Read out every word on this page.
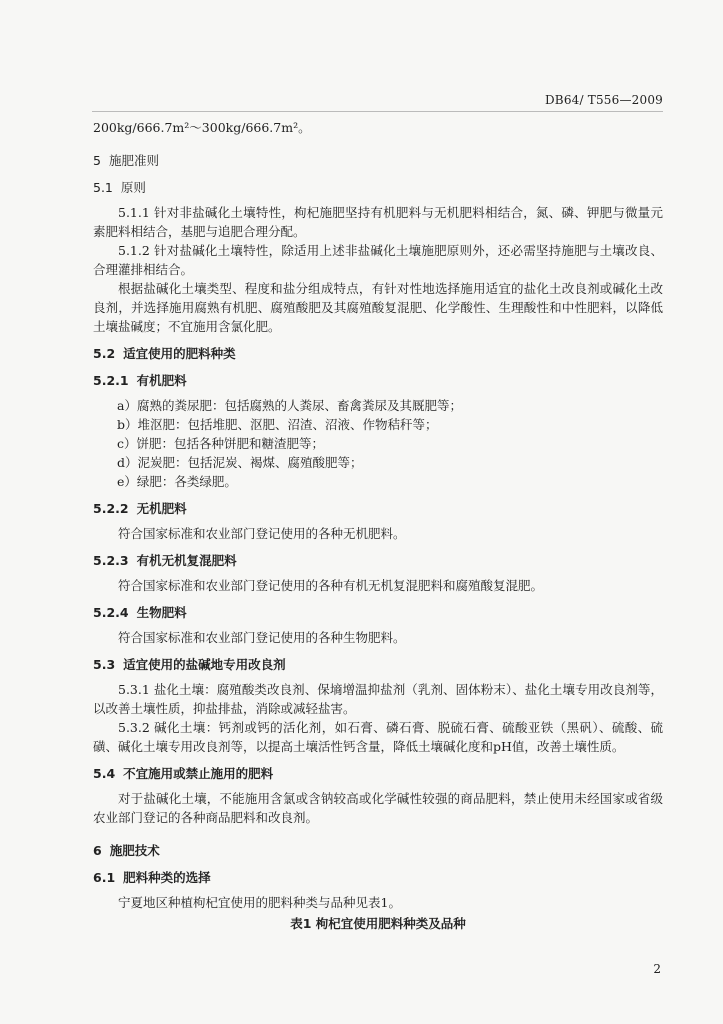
DB64/ T556—2009

200kg/666.7m²～300kg/666.7m²。

5 施肥准则
5.1 原则

5.1.1 针对非盐碱化土壤特性，枸杞施肥坚持有机肥料与无机肥料相结合，氮、磷、钾肥与微量元素肥料相结合，基肥与追肥合理分配。

5.1.2 针对盐碱化土壤特性，除适用上述非盐碱化土壤施肥原则外，还必需坚持施肥与土壤改良、合理灌排相结合。

根据盐碱化土壤类型、程度和盐分组成特点，有针对性地选择施用适宜的盐化土改良剂或碱化土改良剂，并选择施用腐熟有机肥、腐殖酸肥及其腐殖酸复混肥、化学酸性、生理酸性和中性肥料，以降低土壤盐碱度；不宜施用含氯化肥。

5.2 适宜使用的肥料种类
5.2.1 有机肥料

a）腐熟的粪尿肥：包括腐熟的人粪尿、畜禽粪尿及其厩肥等；

b）堆沤肥：包括堆肥、沤肥、沼渣、沼液、作物秸秆等；

c）饼肥：包括各种饼肥和糖渣肥等；

d）泥炭肥：包括泥炭、褐煤、腐殖酸肥等；

e）绿肥：各类绿肥。

5.2.2 无机肥料

符合国家标准和农业部门登记使用的各种无机肥料。

5.2.3 有机无机复混肥料

符合国家标准和农业部门登记使用的各种有机无机复混肥料和腐殖酸复混肥。

5.2.4 生物肥料

符合国家标准和农业部门登记使用的各种生物肥料。

5.3 适宜使用的盐碱地专用改良剂

5.3.1 盐化土壤：腐殖酸类改良剂、保墒增温抑盐剂（乳剂、固体粉末）、盐化土壤专用改良剂等，以改善土壤性质，抑盐排盐，消除或减轻盐害。

5.3.2 碱化土壤：钙剂或钙的活化剂，如石膏、磷石膏、脱硫石膏、硫酸亚铁（黑矾）、硫酸、硫磺、碱化土壤专用改良剂等，以提高土壤活性钙含量，降低土壤碱化度和pH值，改善土壤性质。

5.4 不宜施用或禁止施用的肥料

对于盐碱化土壤，不能施用含氯或含钠较高或化学碱性较强的商品肥料，禁止使用未经国家或省级农业部门登记的各种商品肥料和改良剂。

6 施肥技术
6.1 肥料种类的选择

宁夏地区种植枸杞宜使用的肥料种类与品种见表1。

表1 枸杞宜使用肥料种类及品种

2
